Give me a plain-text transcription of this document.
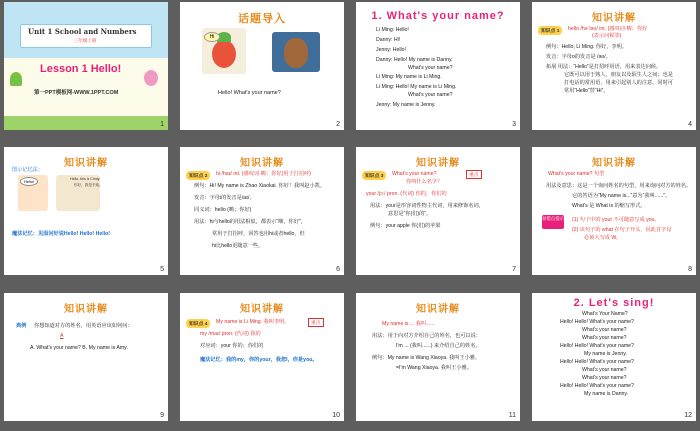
Unit 1 School and Numbers
三年级上册
Lesson 1 Hello!
第一PPT模板网-WWW.1PPT.COM
1
话题导入
Hi
Hello! What's your name?
2
1. What's your name?
Li Ming: Hello!
Danny: Hi!
Jenny: Hello!
Danny: Hello! My name is Danny.
What's your name?
Li Ming: My name is Li Ming.
Li Ming: Hello! My name is Li Ming.
What's your name?
Jenny: My name is Jenny.
3
知识讲解
知识点 1	hello /həˈləʊ/ int. (感叹词·嗨；你好
(表示问候等)
例句：Hello, Li Ming. 你好，李明。
发音：字母o的发音是 /əʊ/。
拓展 用法：“Hello”是打招呼用语，用来表达问候。
它既可以用于熟人、朋友以及陌生人之间；也是
打电话的常用语，用来引起别人的注意。同时可
常用“Hello”替“Hi”。
4
知识讲解
图示记忆法：
Hello!	Hello, this is Cindy.
你好，我是辛迪。
魔法记忆：见面问好说Hello! Hello! Hello!
5
知识讲解
知识点 2	hi /haɪ/ int. (感叹词·嗨；你好(用于打招呼)
例句：Hi! My name is Zhao Xiaokai. 你好！我叫赵小凯。
发音：字母i的发音是/aɪ/。
同义词：hello (嗨；你好)
用法：hi与hello的用法相似，都表示“嗨，你好”，
常用于打招呼，回答也用hi或者hello，但
hi比hello更随意一些。
6
知识讲解
知识点 3	What's your name?	重点
你叫什么名字？
your /jɔː/ pron. (代词) 你的，你们的
用法：your是形容词性物主代词，用来修饰名词，
意思是“你(们)的”。
例句：your apple 你(们)的苹果
7
知识讲解
What's your name? 句型
用法及意思：这是一个询问姓名的句型，用来询问对方的姓名。
它的答语为“My name is...”意为“我叫......”。
What's 是 What is 的缩写形式。
易错点提示 (1) 句子中的 your 不可随意写成 you。
(2) 该句子的 what 在句子开头，因此首字母
必须大写成 W。
8
知识讲解
典例 你想知道对方的姓名，用英语应该如何问：
A
A. What's your name? B. My name is Amy.
9
知识讲解
知识点 4	My name is Li Ming. 我叫李明。	重点
my /maɪ/ pron. (代词) 我的
对应词：your 你的；你们的
魔法记忆：我的my，你的your，我您I，你是you。
10
知识讲解
My name is ... 我叫......
用法：用于向对方介绍自己的姓名，也可以说：
I'm ... (我叫......) 来介绍自己的姓名。
例句：My name is Wang Xiaoya. 我叫王小雅。
=I'm Wang Xiaoya. 我叫王小雅。
11
2. Let's sing!
What's Your Name?
Hello! Hello! What's your name?
What's your name?
What's your name?
Hello! Hello! What's your name?
My name is Jenny.
Hello! Hello! What's your name?
What's your name?
What's your name?
Hello! Hello! What's your name?
My name is Danny.
12
